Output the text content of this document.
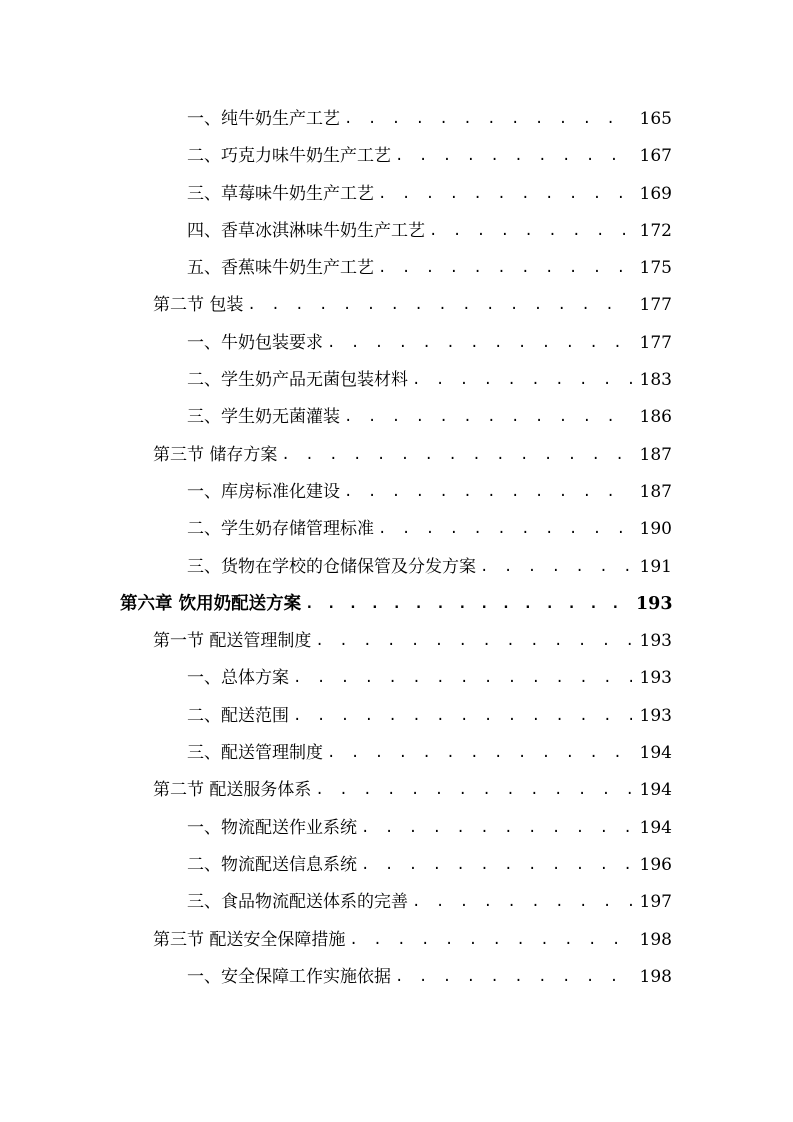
一、纯牛奶生产工艺 . . .	165
二、巧克力味牛奶生产工艺 . . .	167
三、草莓味牛奶生产工艺 . . .	169
四、香草冰淇淋味牛奶生产工艺 . . .	172
五、香蕉味牛奶生产工艺 . . .	175
第二节 包装 . . .	177
一、牛奶包装要求 . . .	177
二、学生奶产品无菌包装材料 . . .	183
三、学生奶无菌灌装 . . .	186
第三节 储存方案 . . .	187
一、库房标准化建设 . . .	187
二、学生奶存储管理标准 . . .	190
三、货物在学校的仓储保管及分发方案 . . .	191
第六章 饮用奶配送方案 . . .	193
第一节 配送管理制度 . . .	193
一、总体方案 . . .	193
二、配送范围 . . .	193
三、配送管理制度 . . .	194
第二节 配送服务体系 . . .	194
一、物流配送作业系统 . . .	194
二、物流配送信息系统 . . .	196
三、食品物流配送体系的完善 . . .	197
第三节 配送安全保障措施 . . .	198
一、安全保障工作实施依据 . . .	198
